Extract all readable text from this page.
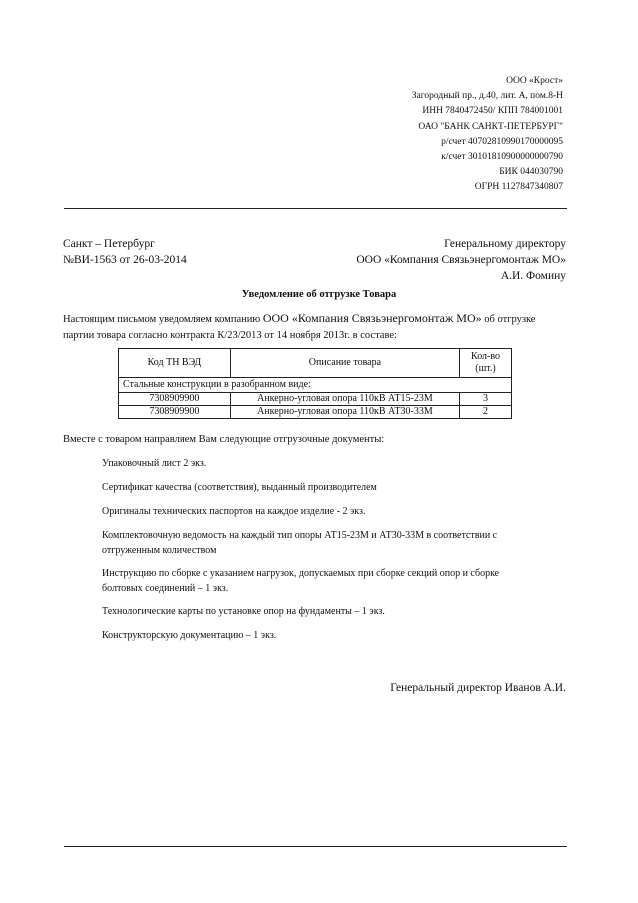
ООО «Крост»
Загородный пр., д.40, лит. А, пом.8-Н
ИНН 7840472450/ КПП 784001001
ОАО "БАНК САНКТ-ПЕТЕРБУРГ"
р/счет 40702810990170000095
к/счет 30101810900000000790
БИК 044030790
ОГРН 1127847340807
Санкт – Петербург
№ВИ-1563 от 26-03-2014
Генеральному директору
ООО «Компания Связьэнергомонтаж МО»
А.И. Фомину
Уведомление об отгрузке Товара
Настоящим письмом уведомляем компанию ООО «Компания Связьэнергомонтаж МО» об отгрузке партии товара согласно контракта К/23/2013 от 14 ноября 2013г. в составе:
Код ТН ВЭД	Описание товара	Кол-во (шт.)
Стальные конструкции в разобранном виде:		
7308909900	Анкерно-угловая опора 110кВ АТ15-23М	3
7308909900	Анкерно-угловая опора 110кВ АТ30-33М	2
Вместе с товаром направляем Вам следующие отгрузочные документы:
Упаковочный лист 2 экз.
Сертификат качества (соответствия), выданный производителем
Оригиналы технических паспортов на каждое изделие - 2 экз.
Комплектовочную ведомость на каждый тип опоры АТ15-23М и АТ30-33М в соответствии с отгруженным количеством
Инструкцию по сборке с указанием нагрузок, допускаемых при сборке секций опор и сборке болтовых соединений – 1 экз.
Технологические карты по установке опор на фундаменты – 1 экз.
Конструкторскую документацию – 1 экз.
Генеральный директор Иванов А.И.
